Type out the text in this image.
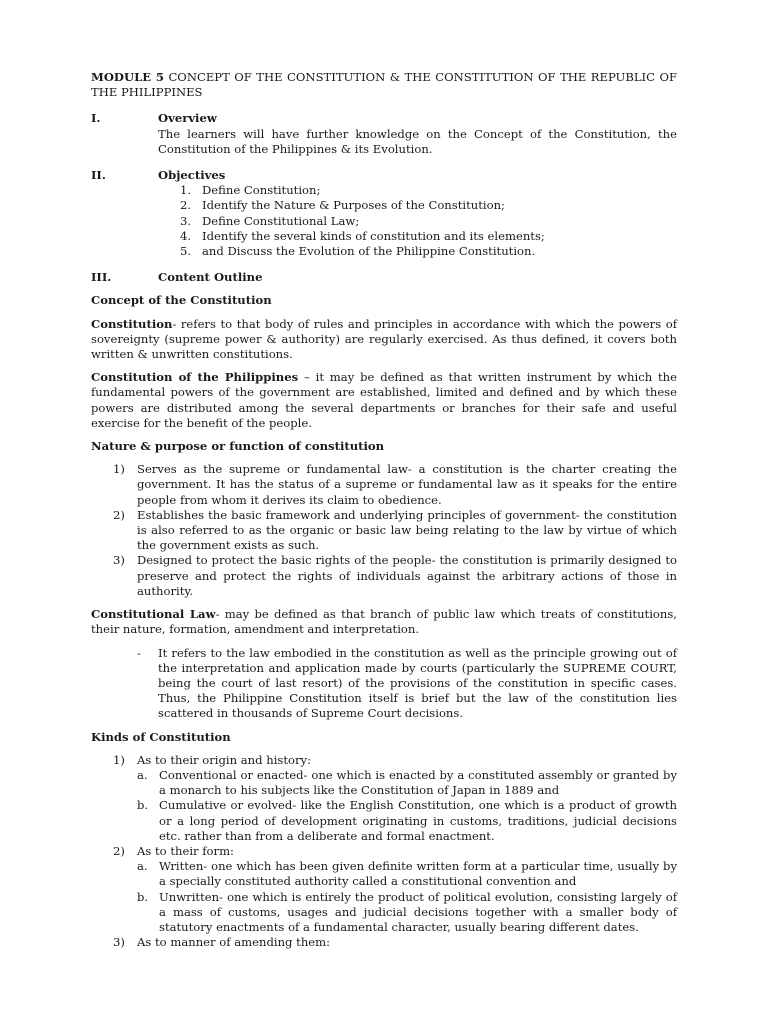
MODULE 5 CONCEPT OF THE CONSTITUTION & THE CONSTITUTION OF THE REPUBLIC OF THE PHILIPPINES

I.	Overview

The learners will have further knowledge on the Concept of the Constitution, the Constitution of the Philippines & its Evolution.

II.	Objectives
1. Define Constitution;
2. Identify the Nature & Purposes of the Constitution;
3. Define Constitutional Law;
4. Identify the several kinds of constitution and its elements;
5. and Discuss the Evolution of the Philippine Constitution.
III.	Content Outline

Concept of the Constitution

Constitution- refers to that body of rules and principles in accordance with which the powers of sovereignty (supreme power & authority) are regularly exercised. As thus defined, it covers both written & unwritten constitutions.

Constitution of the Philippines – it may be defined as that written instrument by which the fundamental powers of the government are established, limited and defined and by which these powers are distributed among the several departments or branches for their safe and useful exercise for the benefit of the people.

Nature & purpose or function of constitution

1)	Serves as the supreme or fundamental law- a constitution is the charter creating the government. It has the status of a supreme or fundamental law as it speaks for the entire people from whom it derives its claim to obedience.
2)	Establishes the basic framework and underlying principles of government- the constitution is also referred to as the organic or basic law being relating to the law by virtue of which the government exists as such.
3)	Designed to protect the basic rights of the people- the constitution is primarily designed to preserve and protect the rights of individuals against the arbitrary actions of those in authority.

Constitutional Law- may be defined as that branch of public law which treats of constitutions, their nature, formation, amendment and interpretation.

-	It refers to the law embodied in the constitution as well as the principle growing out of the interpretation and application made by courts (particularly the SUPREME COURT, being the court of last resort) of the provisions of the constitution in specific cases. Thus, the Philippine Constitution itself is brief but the law of the constitution lies scattered in thousands of Supreme Court decisions.

Kinds of Constitution

1)	As to their origin and history:
a. Conventional or enacted- one which is enacted by a constituted assembly or granted by a monarch to his subjects like the Constitution of Japan in 1889 and
b. Cumulative or evolved- like the English Constitution, one which is a product of growth or a long period of development originating in customs, traditions, judicial decisions etc. rather than from a deliberate and formal enactment.
2)	As to their form:
a. Written- one which has been given definite written form at a particular time, usually by a specially constituted authority called a constitutional convention and
b. Unwritten- one which is entirely the product of political evolution, consisting largely of a mass of customs, usages and judicial decisions together with a smaller body of statutory enactments of a fundamental character, usually bearing different dates.
3)	As to manner of amending them:
